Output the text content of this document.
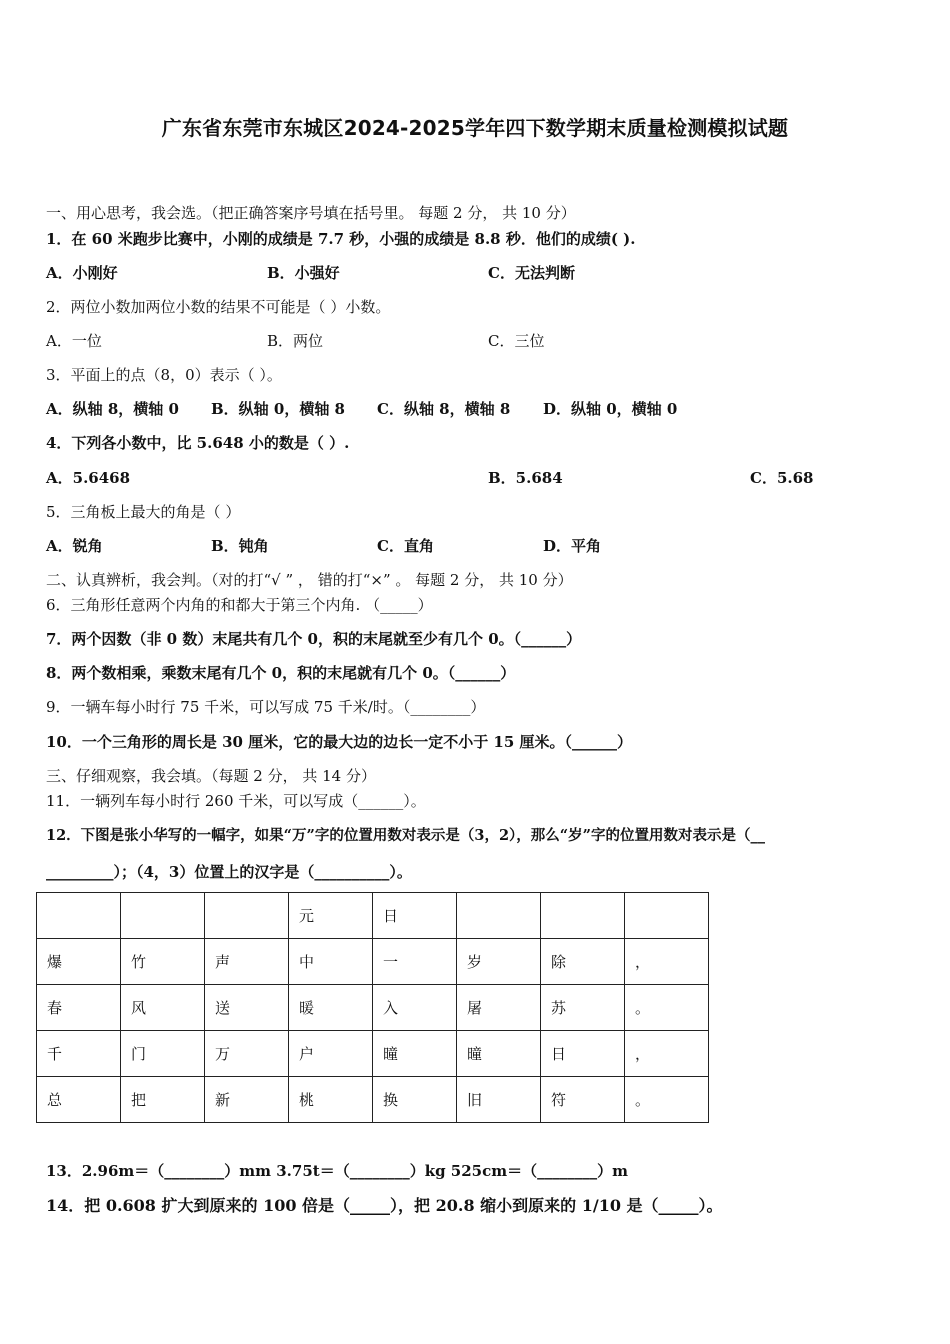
广东省东莞市东城区2024-2025学年四下数学期末质量检测模拟试题
一、用心思考，我会选。（把正确答案序号填在括号里。 每题 2 分， 共 10 分）
1．在 60 米跑步比赛中，小刚的成绩是 7.7 秒，小强的成绩是 8.8 秒．他们的成绩( ).
A．小刚好	B．小强好	C．无法判断
2．两位小数加两位小数的结果不可能是（ ）小数。
A．一位	B．两位	C．三位
3．平面上的点（8，0）表示（ ）。
A．纵轴 8，横轴 0 B．纵轴 0，横轴 8 C．纵轴 8，横轴 8 D．纵轴 0，横轴 0
4．下列各小数中，比 5.648 小的数是（ ）.
A．5.6468	B．5.684	C．5.68
5．三角板上最大的角是（ ）
A．锐角	B．钝角	C．直角	D．平角
二、认真辨析，我会判。（对的打“√ ” ， 错的打“×” 。 每题 2 分， 共 10 分）
6．三角形任意两个内角的和都大于第三个内角. （_____）
7．两个因数（非 0 数）末尾共有几个 0，积的末尾就至少有几个 0。（______）
8．两个数相乘，乘数末尾有几个 0，积的末尾就有几个 0。（______）
9．一辆车每小时行 75 千米，可以写成 75 千米/时。（________）
10．一个三角形的周长是 30 厘米，它的最大边的边长一定不小于 15 厘米。（______）
三、仔细观察，我会填。（每题 2 分， 共 14 分）
11．一辆列车每小时行 260 千米，可以写成（______）。
12．下图是张小华写的一幅字，如果“万”字的位置用数对表示是（3，2），那么“岁”字的位置用数对表示是（__
_________）；（4，3）位置上的汉字是（__________）。
			元	日			
爆	竹	声	中	一	岁	除	，
春	风	送	暖	入	屠	苏	。
千	门	万	户	曈	曈	日	，
总	把	新	桃	换	旧	符	。
13．2.96m＝（________）mm 3.75t＝（________）kg 525cm＝（________）m
14．把 0.608 扩大到原来的 100 倍是（_____），把 20.8 缩小到原来的 1/10 是（_____）。
